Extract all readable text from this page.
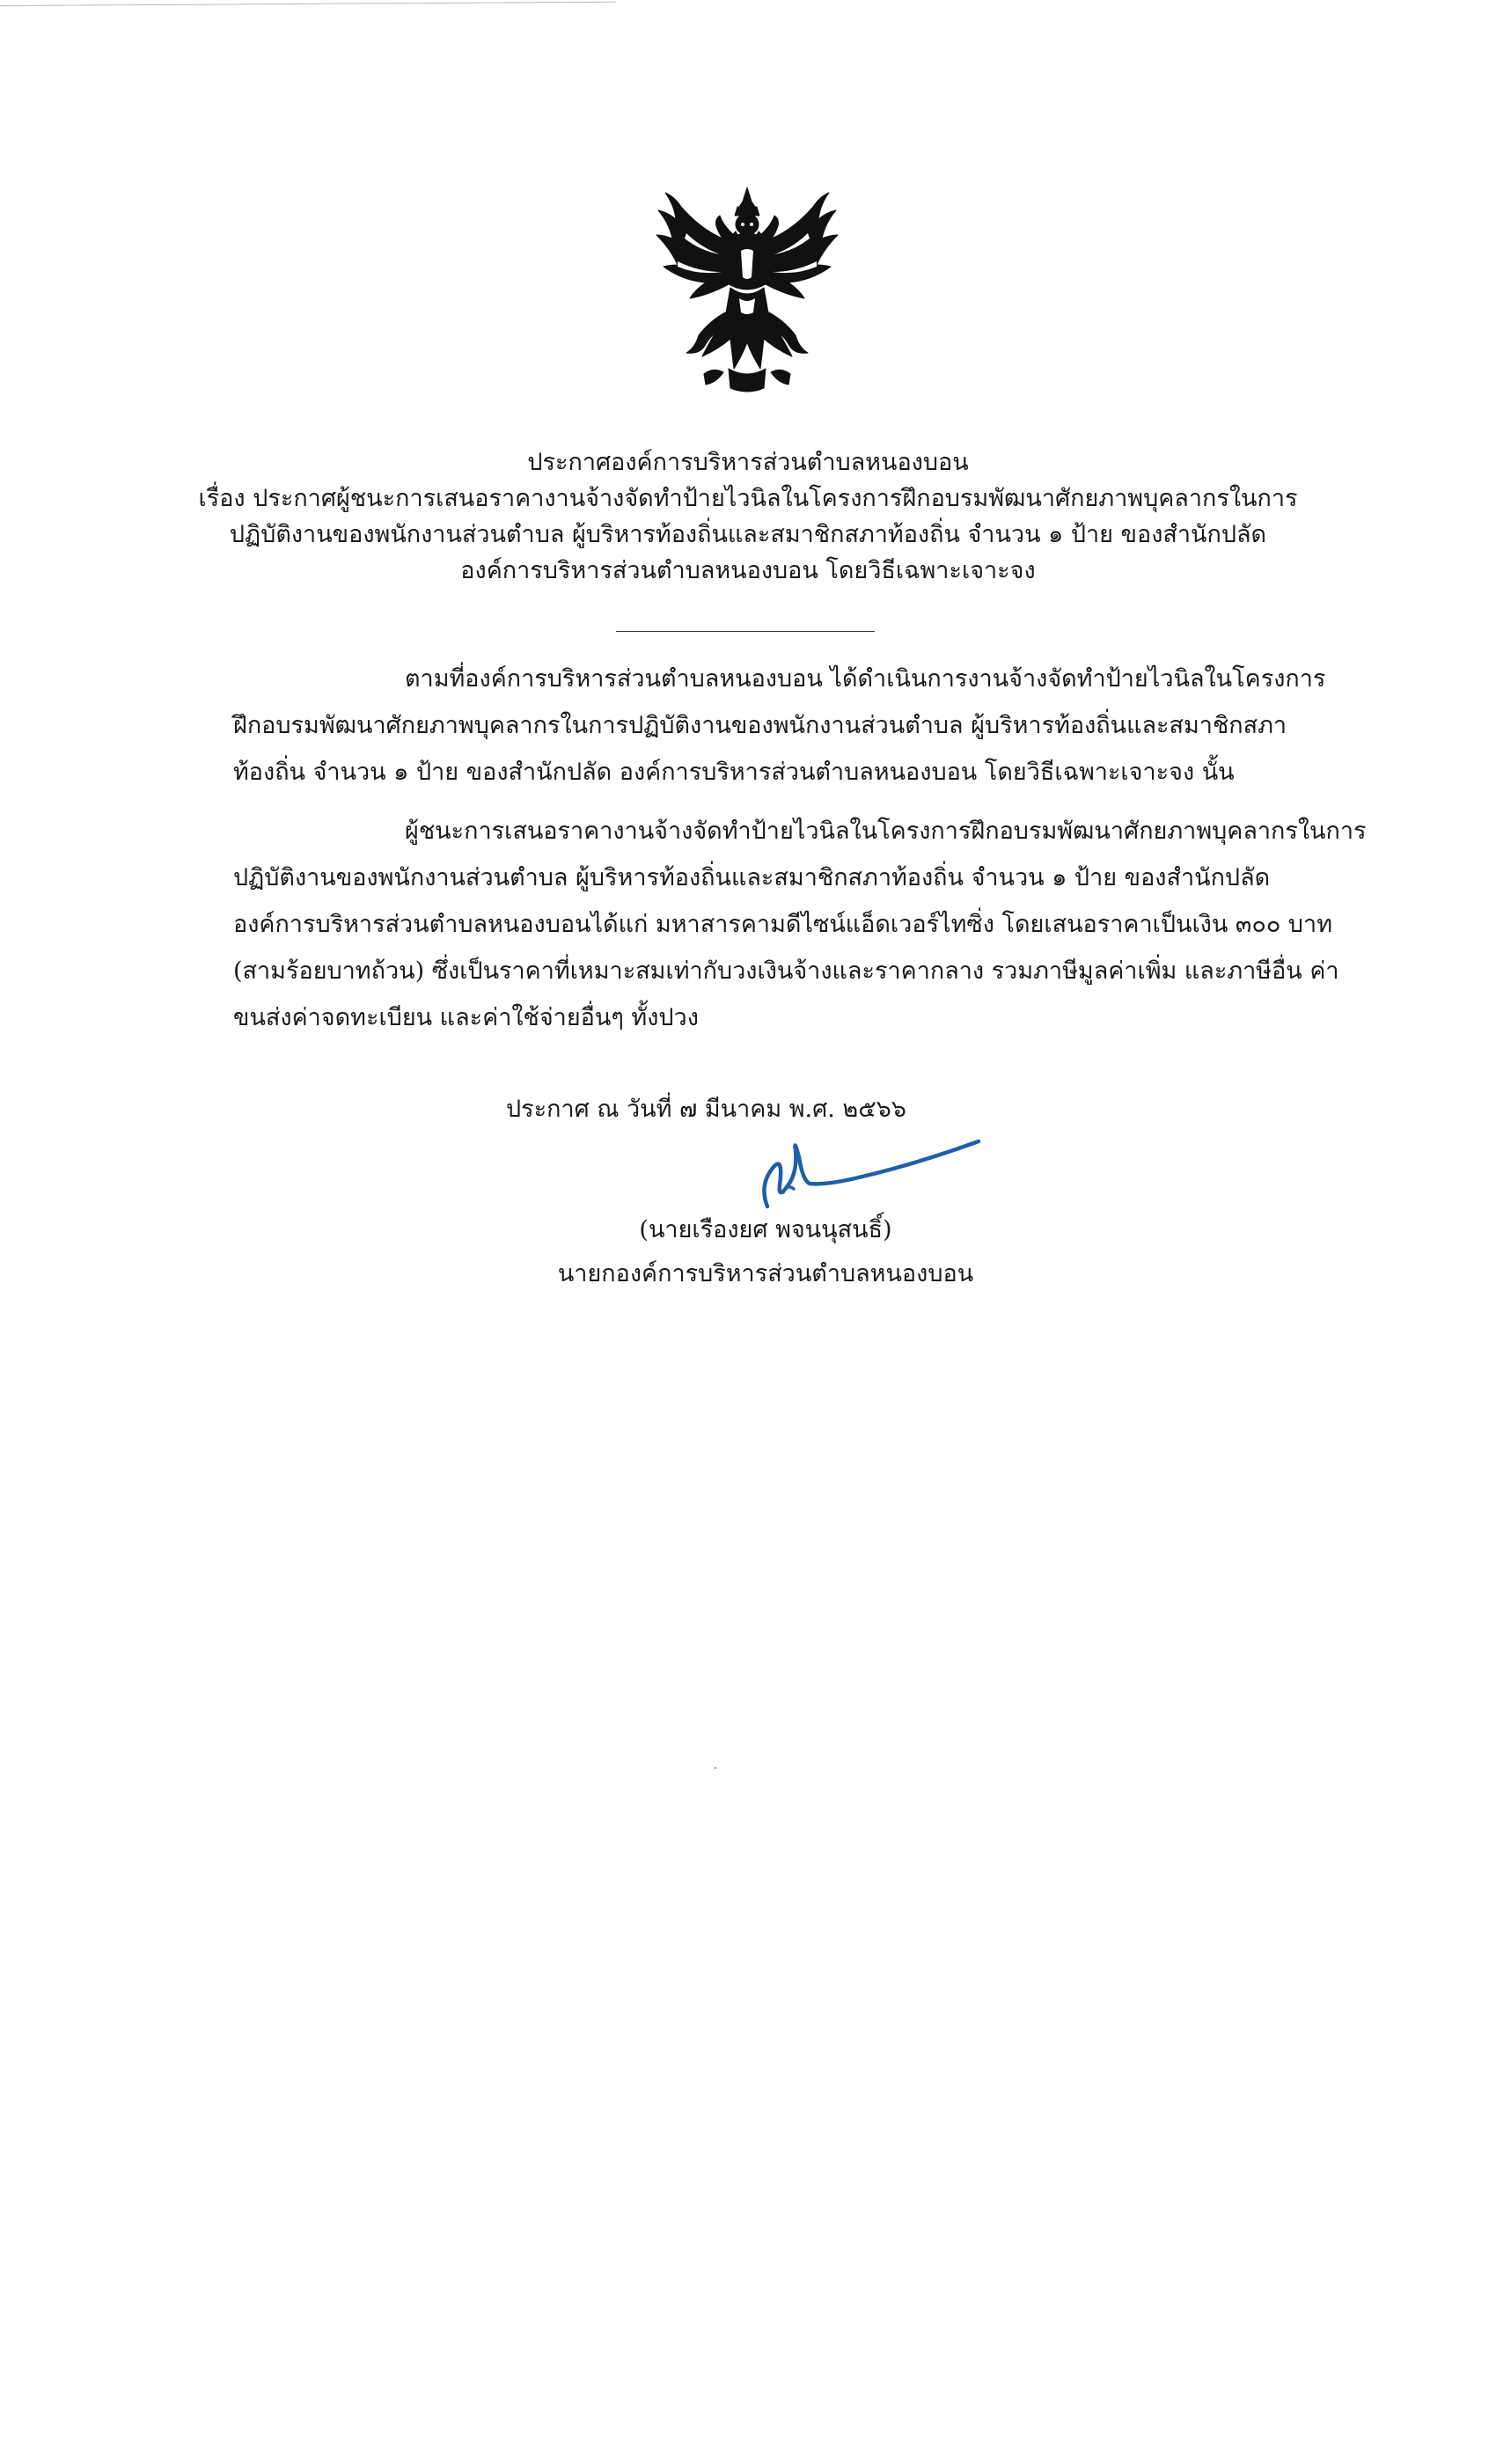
ประกาศองค์การบริหารส่วนตำบลหนองบอน
เรื่อง ประกาศผู้ชนะการเสนอราคางานจ้างจัดทำป้ายไวนิลในโครงการฝึกอบรมพัฒนาศักยภาพบุคลากรในการ
ปฏิบัติงานของพนักงานส่วนตำบล ผู้บริหารท้องถิ่นและสมาชิกสภาท้องถิ่น จำนวน ๑ ป้าย ของสำนักปลัด
องค์การบริหารส่วนตำบลหนองบอน โดยวิธีเฉพาะเจาะจง
ตามที่องค์การบริหารส่วนตำบลหนองบอน ได้ดำเนินการงานจ้างจัดทำป้ายไวนิลในโครงการ
ฝึกอบรมพัฒนาศักยภาพบุคลากรในการปฏิบัติงานของพนักงานส่วนตำบล ผู้บริหารท้องถิ่นและสมาชิกสภา
ท้องถิ่น จำนวน ๑ ป้าย ของสำนักปลัด องค์การบริหารส่วนตำบลหนองบอน โดยวิธีเฉพาะเจาะจง นั้น
ผู้ชนะการเสนอราคางานจ้างจัดทำป้ายไวนิลในโครงการฝึกอบรมพัฒนาศักยภาพบุคลากรในการ
ปฏิบัติงานของพนักงานส่วนตำบล ผู้บริหารท้องถิ่นและสมาชิกสภาท้องถิ่น จำนวน ๑ ป้าย ของสำนักปลัด
องค์การบริหารส่วนตำบลหนองบอนได้แก่ มหาสารคามดีไซน์แอ็ดเวอร์ไทซิ่ง โดยเสนอราคาเป็นเงิน ๓๐๐ บาท
(สามร้อยบาทถ้วน) ซึ่งเป็นราคาที่เหมาะสมเท่ากับวงเงินจ้างและราคากลาง รวมภาษีมูลค่าเพิ่ม และภาษีอื่น ค่า
ขนส่งค่าจดทะเบียน และค่าใช้จ่ายอื่นๆ ทั้งปวง
ประกาศ ณ วันที่ ๗ มีนาคม พ.ศ. ๒๕๖๖
(นายเรืองยศ พจนนุสนธิ์)
นายกองค์การบริหารส่วนตำบลหนองบอน
